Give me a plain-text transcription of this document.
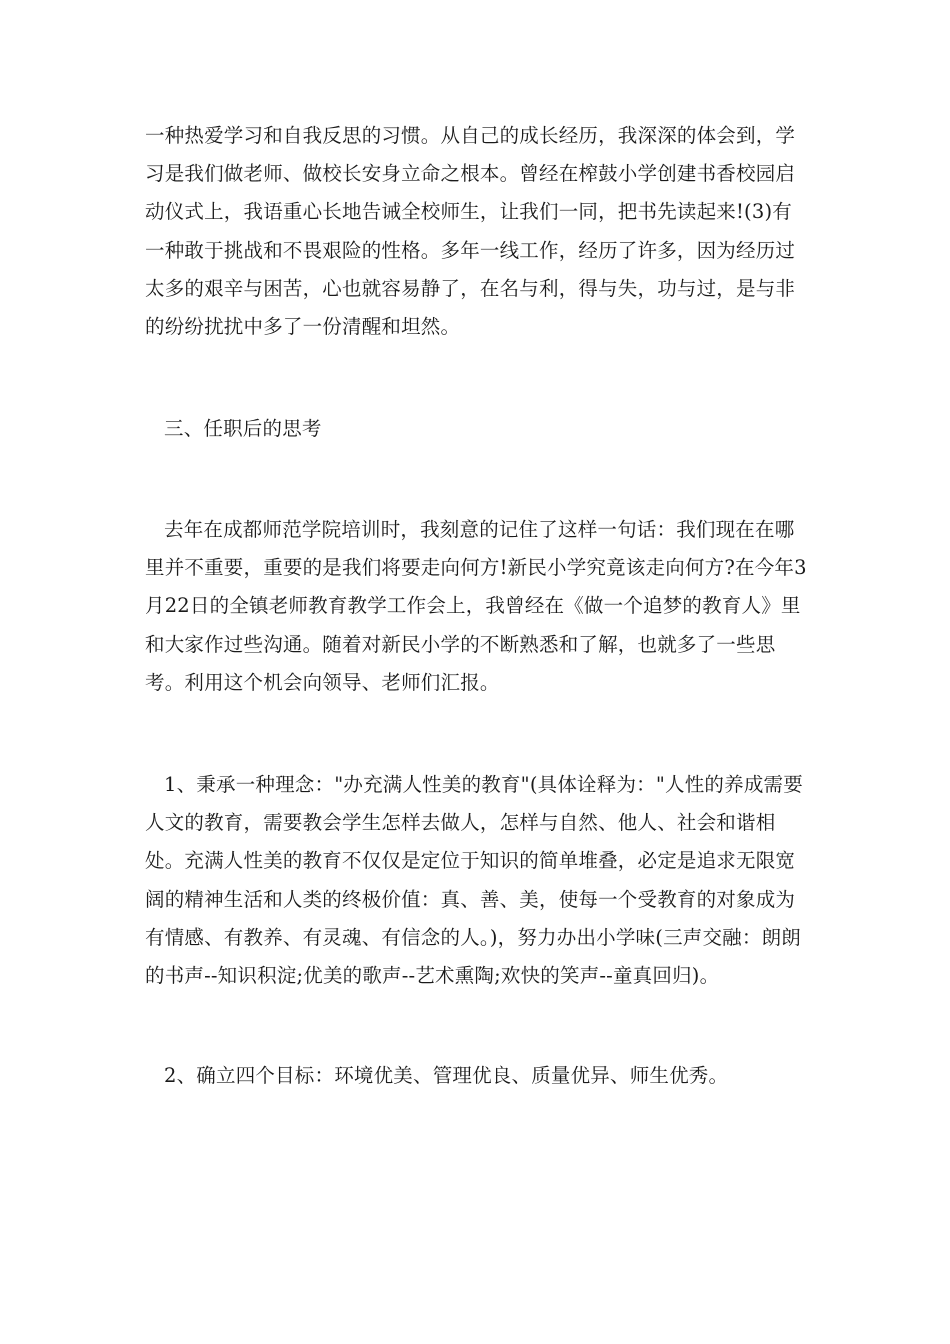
一种热爱学习和自我反思的习惯。从自己的成长经历，我深深的体会到，学习是我们做老师、做校长安身立命之根本。曾经在榨鼓小学创建书香校园启动仪式上，我语重心长地告诫全校师生，让我们一同，把书先读起来!(3)有一种敢于挑战和不畏艰险的性格。多年一线工作，经历了许多，因为经历过太多的艰辛与困苦，心也就容易静了，在名与利，得与失，功与过，是与非的纷纷扰扰中多了一份清醒和坦然。

三、任职后的思考

去年在成都师范学院培训时，我刻意的记住了这样一句话：我们现在在哪里并不重要，重要的是我们将要走向何方!新民小学究竟该走向何方?在今年3月22日的全镇老师教育教学工作会上，我曾经在《做一个追梦的教育人》里和大家作过些沟通。随着对新民小学的不断熟悉和了解，也就多了一些思考。利用这个机会向领导、老师们汇报。

1、秉承一种理念："办充满人性美的教育"(具体诠释为："人性的养成需要人文的教育，需要教会学生怎样去做人，怎样与自然、他人、社会和谐相处。充满人性美的教育不仅仅是定位于知识的简单堆叠，必定是追求无限宽阔的精神生活和人类的终极价值：真、善、美，使每一个受教育的对象成为有情感、有教养、有灵魂、有信念的人。)，努力办出小学味(三声交融：朗朗的书声--知识积淀;优美的歌声--艺术熏陶;欢快的笑声--童真回归)。

2、确立四个目标：环境优美、管理优良、质量优异、师生优秀。
